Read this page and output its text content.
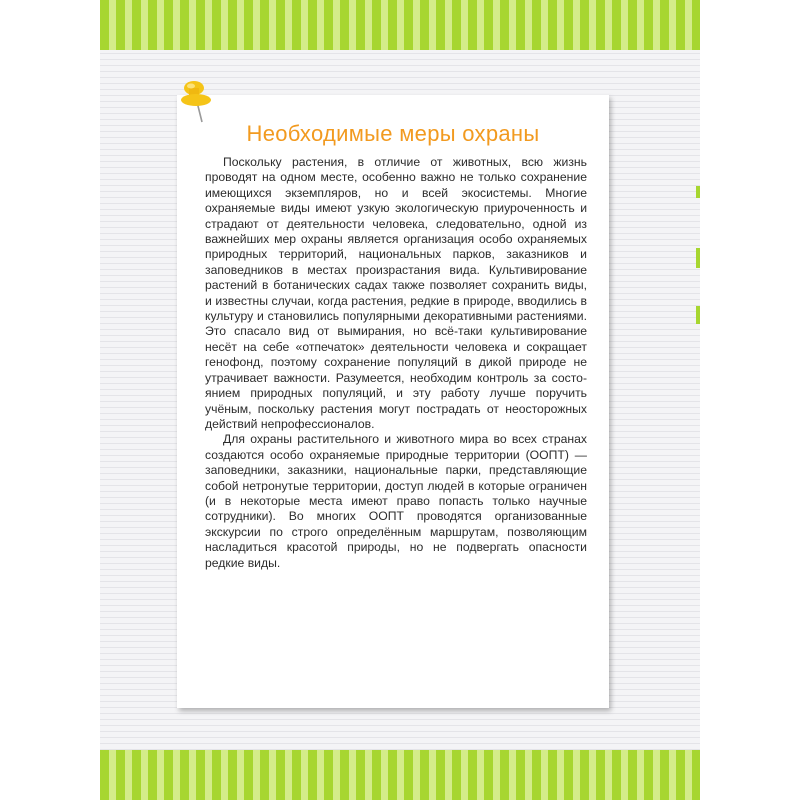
Необходимые меры охраны

Поскольку растения, в отличие от животных, всю жизнь проводят на одном месте, особенно важно не только сохранение имеющихся экземпляров, но и всей экосистемы. Многие охраняемые виды имеют узкую экологическую приуроченность и страдают от деятельности человека, следовательно, одной из важнейших мер охраны является организация особо охраняемых природных территорий, национальных парков, заказников и заповедников в местах произрастания вида. Культивирование растений в ботанических садах также позволяет сохранить виды, и известны случаи, когда растения, редкие в природе, вводились в культуру и становились популярными декоративными растениями. Это спасало вид от вымирания, но всё-таки культивирование несёт на себе «отпечаток» деятельности человека и сокращает генофонд, поэтому сохранение популяций в дикой природе не утрачивает важности. Разумеется, необходим контроль за состоянием природных популяций, и эту работу лучше поручить учёным, поскольку растения могут пострадать от неосторожных действий непрофессионалов.

Для охраны растительного и животного мира во всех странах создаются особо охраняемые природные территории (ООПТ) — заповедники, заказники, национальные парки, представляющие собой нетронутые территории, доступ людей в которые ограничен (и в некоторые места имеют право попасть только научные сотрудники). Во многих ООПТ проводятся организованные экскурсии по строго определённым маршрутам, позволяющим насладиться красотой природы, но не подвергать опасности редкие виды.
